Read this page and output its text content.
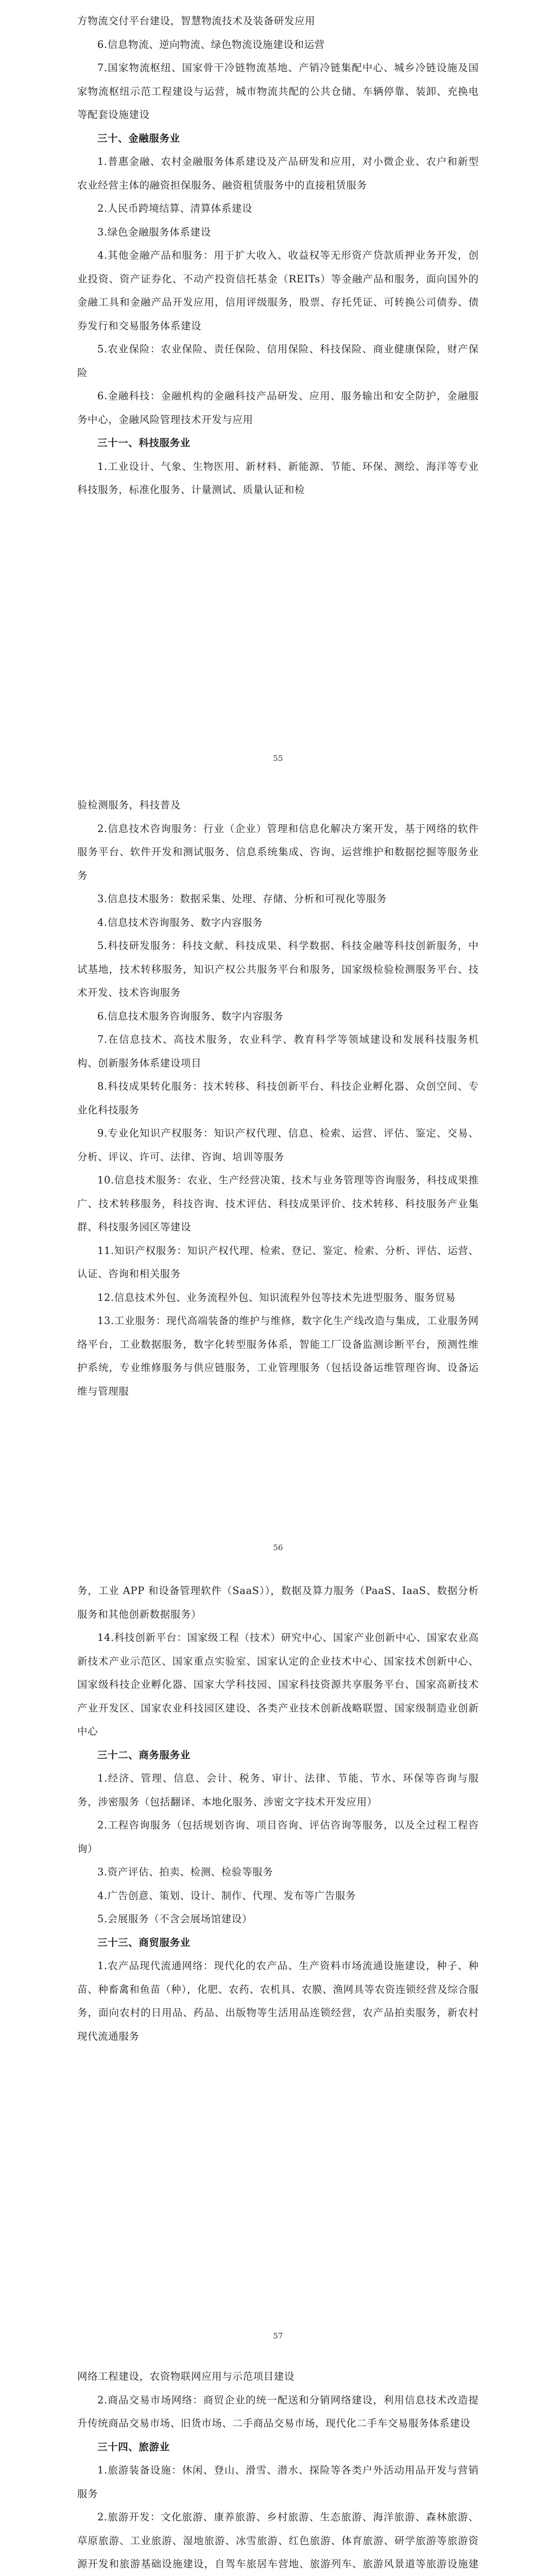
方物流交付平台建设，智慧物流技术及装备研发应用

6.信息物流、逆向物流、绿色物流设施建设和运营

7.国家物流枢纽、国家骨干冷链物流基地、产销冷链集配中心、城乡冷链设施及国家物流枢纽示范工程建设与运营，城市物流共配的公共仓储、车辆停靠、装卸、充换电等配套设施建设

三十、金融服务业

1.普惠金融、农村金融服务体系建设及产品研发和应用，对小微企业、农户和新型农业经营主体的融资担保服务、融资租赁服务中的直接租赁服务

2.人民币跨境结算、清算体系建设

3.绿色金融服务体系建设

4.其他金融产品和服务：用于扩大收入、收益权等无形资产贷款质押业务开发，创业投资、资产证券化、不动产投资信托基金（REITs）等金融产品和服务，面向国外的金融工具和金融产品开发应用，信用评级服务，股票、存托凭证、可转换公司债券、债券发行和交易服务体系建设

5.农业保险：农业保险、责任保险、信用保险、科技保险、商业健康保险，财产保险

6.金融科技：金融机构的金融科技产品研发、应用、服务输出和安全防护，金融服务中心，金融风险管理技术开发与应用

三十一、科技服务业

1.工业设计、气象、生物医用、新材料、新能源、节能、环保、测绘、海洋等专业科技服务，标准化服务、计量测试、质量认证和检

55

验检测服务，科技普及

2.信息技术咨询服务：行业（企业）管理和信息化解决方案开发，基于网络的软件服务平台、软件开发和测试服务、信息系统集成、咨询、运营维护和数据挖掘等服务业务

3.信息技术服务：数据采集、处理、存储、分析和可视化等服务

4.信息技术咨询服务、数字内容服务

5.科技研发服务：科技文献、科技成果、科学数据、科技金融等科技创新服务，中试基地，技术转移服务，知识产权公共服务平台和服务，国家级检验检测服务平台、技术开发、技术咨询服务

6.信息技术服务咨询服务、数字内容服务

7.在信息技术、高技术服务，农业科学、教育科学等领域建设和发展科技服务机构、创新服务体系建设项目

8.科技成果转化服务：技术转移、科技创新平台、科技企业孵化器、众创空间、专业化科技服务

9.专业化知识产权服务：知识产权代理、信息、检索、运营、评估、鉴定、交易、分析、评议、许可、法律、咨询、培训等服务

10.信息技术服务：农业、生产经营决策、技术与业务管理等咨询服务，科技成果推广、技术转移服务，科技咨询、技术评估、科技成果评价、技术转移、科技服务产业集群、科技服务园区等建设

11.知识产权服务：知识产权代理、检索、登记、鉴定、检索、分析、评估、运营、认证、咨询和相关服务

12.信息技术外包、业务流程外包、知识流程外包等技术先进型服务、服务贸易

13.工业服务：现代高端装备的维护与维修，数字化生产线改造与集成，工业服务网络平台，工业数据服务，数字化转型服务体系，智能工厂设备监测诊断平台，预测性维护系统，专业维修服务与供应链服务，工业管理服务（包括设备运维管理咨询、设备运维与管理服

56

务，工业 APP 和设备管理软件（SaaS）），数据及算力服务（PaaS、IaaS、数据分析服务和其他创新数据服务）

14.科技创新平台：国家级工程（技术）研究中心、国家产业创新中心、国家农业高新技术产业示范区、国家重点实验室、国家认定的企业技术中心、国家技术创新中心、国家级科技企业孵化器、国家大学科技园、国家科技资源共享服务平台、国家高新技术产业开发区、国家农业科技园区建设、各类产业技术创新战略联盟、国家级制造业创新中心

三十二、商务服务业

1.经济、管理、信息、会计、税务、审计、法律、节能、节水、环保等咨询与服务，涉密服务（包括翻译、本地化服务、涉密文字技术开发应用）

2.工程咨询服务（包括规划咨询、项目咨询、评估咨询等服务，以及全过程工程咨询）

3.资产评估、拍卖、检测、检验等服务

4.广告创意、策划、设计、制作、代理、发布等广告服务

5.会展服务（不含会展场馆建设）

三十三、商贸服务业

1.农产品现代流通网络：现代化的农产品、生产资料市场流通设施建设，种子、种苗、种畜禽和鱼苗（种），化肥、农药、农机具、农膜、渔网具等农资连锁经营及综合服务，面向农村的日用品、药品、出版物等生活用品连锁经营，农产品拍卖服务，新农村现代流通服务

57

网络工程建设，农资物联网应用与示范项目建设

2.商品交易市场网络：商贸企业的统一配送和分销网络建设，利用信息技术改造提升传统商品交易市场、旧货市场、二手商品交易市场，现代化二手车交易服务体系建设

三十四、旅游业

1.旅游装备设施：休闲、登山、滑雪、潜水、探险等各类户外活动用品开发与营销服务

2.旅游开发：文化旅游、康养旅游、乡村旅游、生态旅游、海洋旅游、森林旅游、草原旅游、工业旅游、湿地旅游、冰雪旅游、红色旅游、体育旅游、研学旅游等旅游资源开发和旅游基础设施建设，自驾车旅居车营地、旅游列车、旅游风景道等旅游设施建
